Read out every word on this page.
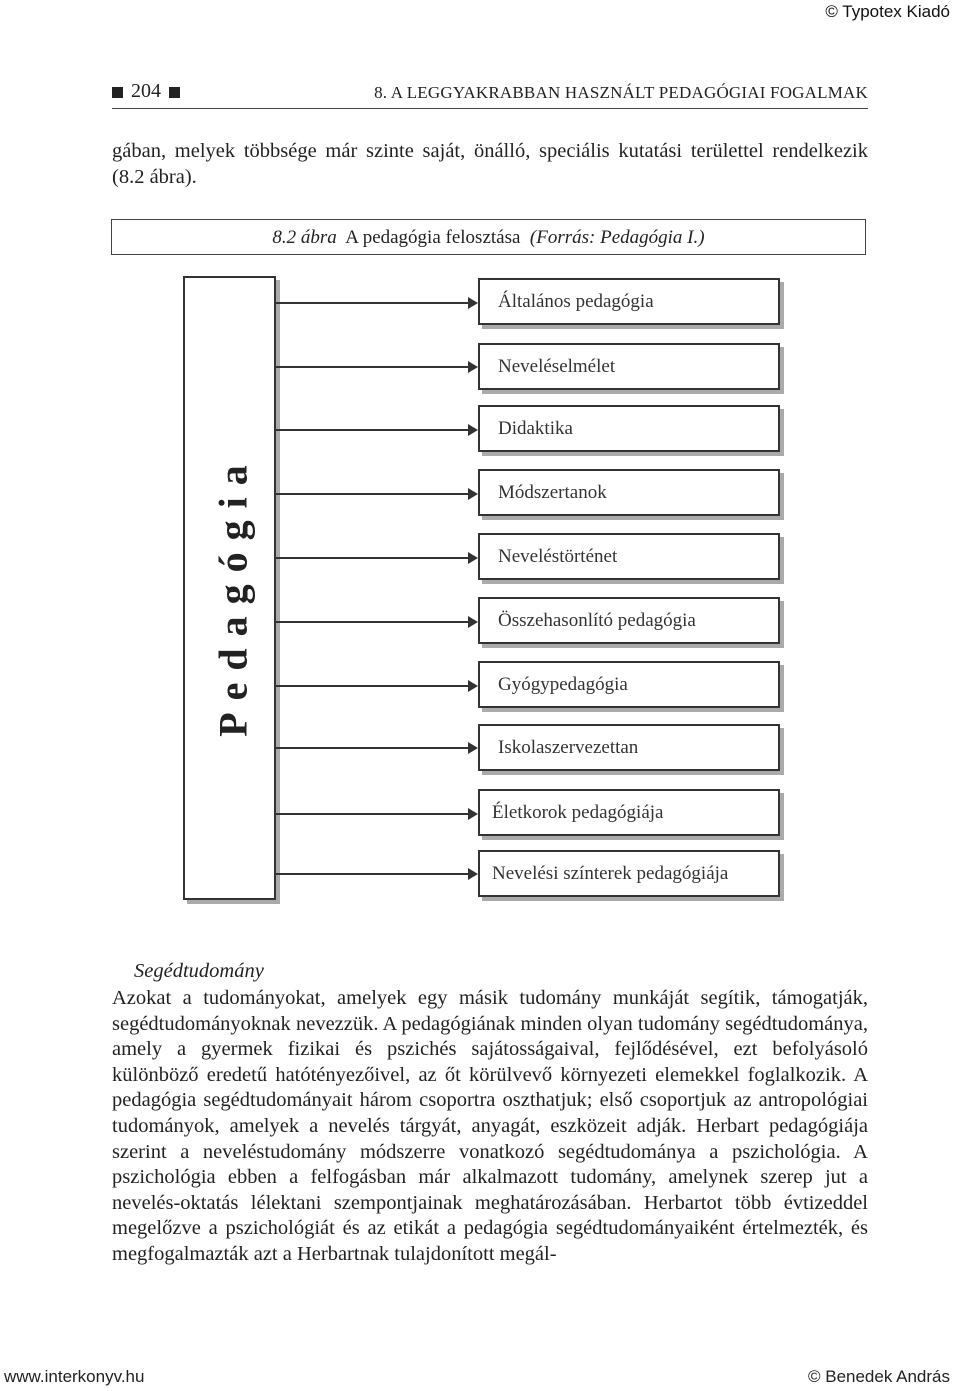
© Typotex Kiadó
204	8. A LEGGYAKRABBAN HASZNÁLT PEDAGÓGIAI FOGALMAK
gában, melyek többsége már szinte saját, önálló, speciális kutatási területtel rendelkezik (8.2 ábra).
8.2 ábra A pedagógia felosztása (Forrás: Pedagógia I.)
Pedagógia
Általános pedagógia
Neveléselmélet
Didaktika
Módszertanok
Neveléstörténet
Összehasonlító pedagógia
Gyógypedagógia
Iskolaszervezettan
Életkorok pedagógiája
Nevelési színterek pedagógiája
Segédtudomány
Azokat a tudományokat, amelyek egy másik tudomány munkáját segítik, támogatják, segédtudományoknak nevezzük. A pedagógiának minden olyan tudomány segédtudománya, amely a gyermek fizikai és pszichés sajátosságaival, fejlődésével, ezt befolyásoló különböző eredetű hatótényezőivel, az őt körülvevő környezeti elemekkel foglalkozik. A pedagógia segédtudományait három csoportra oszthatjuk; első csoportjuk az antropológiai tudományok, amelyek a nevelés tárgyát, anyagát, eszközeit adják. Herbart pedagógiája szerint a neveléstudomány módszerre vonatkozó segédtudománya a pszichológia. A pszichológia ebben a felfogásban már alkalmazott tudomány, amelynek szerep jut a nevelés-oktatás lélektani szempontjainak meghatározásában. Herbartot több évtizeddel megelőzve a pszichológiát és az etikát a pedagógia segédtudományaiként értelmezték, és megfogalmazták azt a Herbartnak tulajdonított megál-
www.interkonyv.hu	© Benedek András
